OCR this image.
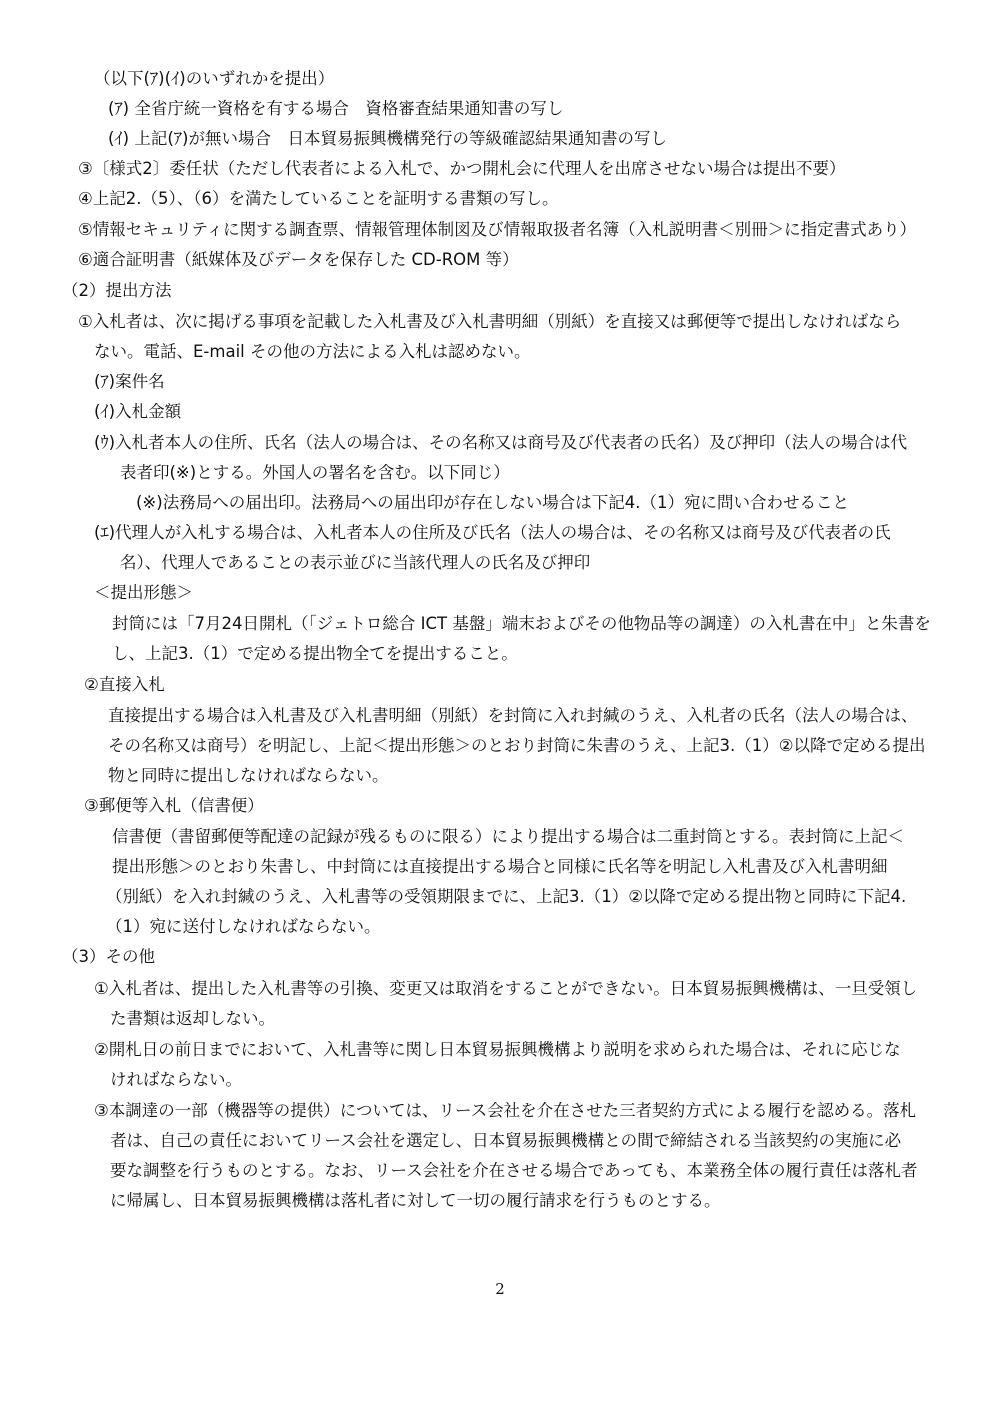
（以下(ｱ)(ｲ)のいずれかを提出）
(ｱ) 全省庁統一資格を有する場合　資格審査結果通知書の写し
(ｲ) 上記(ｱ)が無い場合　日本貿易振興機構発行の等級確認結果通知書の写し
③〔様式2〕委任状（ただし代表者による入札で、かつ開札会に代理人を出席させない場合は提出不要）
④上記2.（5）、（6）を満たしていることを証明する書類の写し。
⑤情報セキュリティに関する調査票、情報管理体制図及び情報取扱者名簿（入札説明書＜別冊＞に指定書式あり）
⑥適合証明書（紙媒体及びデータを保存した CD-ROM 等）
（2）提出方法
①入札者は、次に掲げる事項を記載した入札書及び入札書明細（別紙）を直接又は郵便等で提出しなければなら
ない。電話、E-mail その他の方法による入札は認めない。
(ｱ)案件名
(ｲ)入札金額
(ｳ)入札者本人の住所、氏名（法人の場合は、その名称又は商号及び代表者の氏名）及び押印（法人の場合は代
表者印(※)とする。外国人の署名を含む。以下同じ）
(※)法務局への届出印。法務局への届出印が存在しない場合は下記4.（1）宛に問い合わせること
(ｴ)代理人が入札する場合は、入札者本人の住所及び氏名（法人の場合は、その名称又は商号及び代表者の氏
名）、代理人であることの表示並びに当該代理人の氏名及び押印
＜提出形態＞
封筒には「7月24日開札（「ジェトロ総合 ICT 基盤」端末およびその他物品等の調達）の入札書在中」と朱書を
し、上記3.（1）で定める提出物全てを提出すること。
②直接入札
直接提出する場合は入札書及び入札書明細（別紙）を封筒に入れ封緘のうえ、入札者の氏名（法人の場合は、
その名称又は商号）を明記し、上記＜提出形態＞のとおり封筒に朱書のうえ、上記3.（1）②以降で定める提出
物と同時に提出しなければならない。
③郵便等入札（信書便）
信書便（書留郵便等配達の記録が残るものに限る）により提出する場合は二重封筒とする。表封筒に上記＜
提出形態＞のとおり朱書し、中封筒には直接提出する場合と同様に氏名等を明記し入札書及び入札書明細
（別紙）を入れ封緘のうえ、入札書等の受領期限までに、上記3.（1）②以降で定める提出物と同時に下記4.
（1）宛に送付しなければならない。
（3）その他
①入札者は、提出した入札書等の引換、変更又は取消をすることができない。日本貿易振興機構は、一旦受領し
た書類は返却しない。
②開札日の前日までにおいて、入札書等に関し日本貿易振興機構より説明を求められた場合は、それに応じな
ければならない。
③本調達の一部（機器等の提供）については、リース会社を介在させた三者契約方式による履行を認める。落札
者は、自己の責任においてリース会社を選定し、日本貿易振興機構との間で締結される当該契約の実施に必
要な調整を行うものとする。なお、リース会社を介在させる場合であっても、本業務全体の履行責任は落札者
に帰属し、日本貿易振興機構は落札者に対して一切の履行請求を行うものとする。
2
